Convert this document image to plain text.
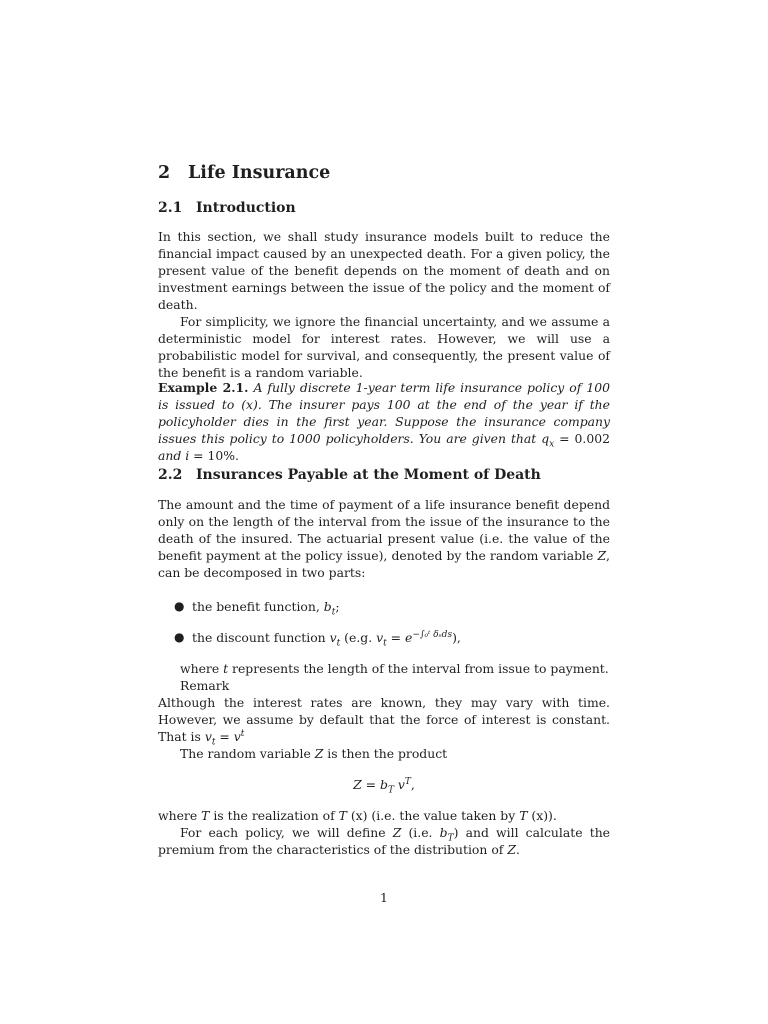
2 Life Insurance
2.1 Introduction

In this section, we shall study insurance models built to reduce the financial impact caused by an unexpected death. For a given policy, the present value of the benefit depends on the moment of death and on investment earnings between the issue of the policy and the moment of death.

For simplicity, we ignore the financial uncertainty, and we assume a deterministic model for interest rates. However, we will use a probabilistic model for survival, and consequently, the present value of the benefit is a random variable.

Example 2.1. A fully discrete 1-year term life insurance policy of 100 is issued to (x). The insurer pays 100 at the end of the year if the policyholder dies in the first year. Suppose the insurance company issues this policy to 1000 policyholders. You are given that $q_x = 0.002$ and i = 10%.

2.2 Insurances Payable at the Moment of Death

The amount and the time of payment of a life insurance benefit depend only on the length of the interval from the issue of the insurance to the death of the insured. The actuarial present value (i.e. the value of the benefit payment at the policy issue), denoted by the random variable Z, can be decomposed in two parts:

● the benefit function, $b_t$;
● the discount function $v_t$ (e.g. $v_t = e^{-\int_0ᵗ \delta_sds}$),

where t represents the length of the interval from issue to payment.

Remark

Although the interest rates are known, they may vary with time. However, we assume by default that the force of interest is constant. That is $v_t = v^t$

The random variable Z is then the product

$Z = b_T$ $v^T$,

where T is the realization of T (x) (i.e. the value taken by T (x)).

For each policy, we will define Z (i.e. $b_T$) and will calculate the premium from the characteristics of the distribution of Z.

1
